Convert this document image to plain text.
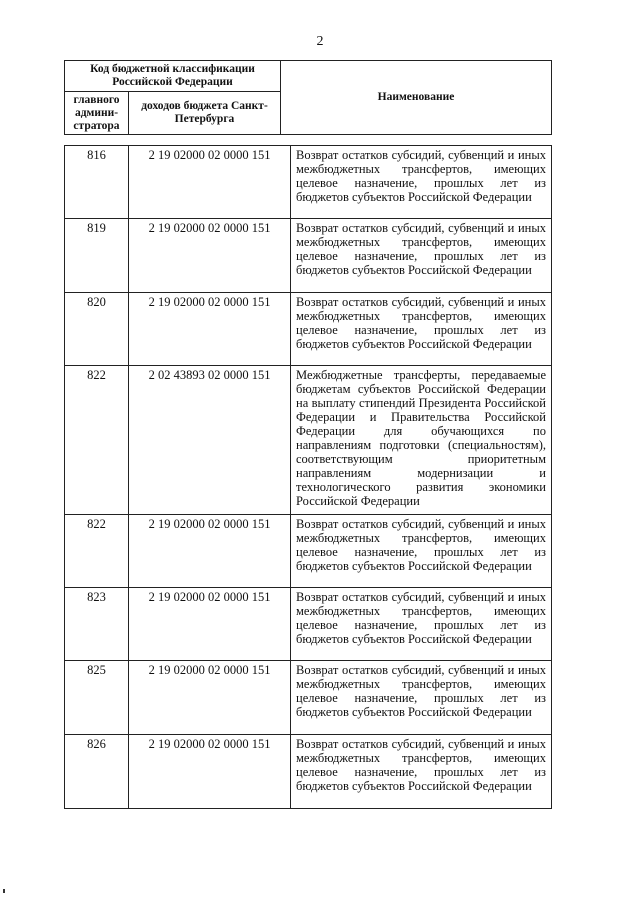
2
Код бюджетной классификации Российской Федерации		Наименование
главного админи-стратора	доходов бюджета Санкт-Петербурга	
816	2 19 02000 02 0000 151	Возврат остатков субсидий, субвенций и иных межбюджетных трансфертов, имеющих целевое назначение, прошлых лет из бюджетов субъектов Российской Федерации
819	2 19 02000 02 0000 151	Возврат остатков субсидий, субвенций и иных межбюджетных трансфертов, имеющих целевое назначение, прошлых лет из бюджетов субъектов Российской Федерации
820	2 19 02000 02 0000 151	Возврат остатков субсидий, субвенций и иных межбюджетных трансфертов, имеющих целевое назначение, прошлых лет из бюджетов субъектов Российской Федерации
822	2 02 43893 02 0000 151	Межбюджетные трансферты, передаваемые бюджетам субъектов Российской Федерации на выплату стипендий Президента Российской Федерации и Правительства Российской Федерации для обучающихся по направлениям подготовки (специальностям), соответствующим приоритетным направлениям модернизации и технологического развития экономики Российской Федерации
822	2 19 02000 02 0000 151	Возврат остатков субсидий, субвенций и иных межбюджетных трансфертов, имеющих целевое назначение, прошлых лет из бюджетов субъектов Российской Федерации
823	2 19 02000 02 0000 151	Возврат остатков субсидий, субвенций и иных межбюджетных трансфертов, имеющих целевое назначение, прошлых лет из бюджетов субъектов Российской Федерации
825	2 19 02000 02 0000 151	Возврат остатков субсидий, субвенций и иных межбюджетных трансфертов, имеющих целевое назначение, прошлых лет из бюджетов субъектов Российской Федерации
826	2 19 02000 02 0000 151	Возврат остатков субсидий, субвенций и иных межбюджетных трансфертов, имеющих целевое назначение, прошлых лет из бюджетов субъектов Российской Федерации
